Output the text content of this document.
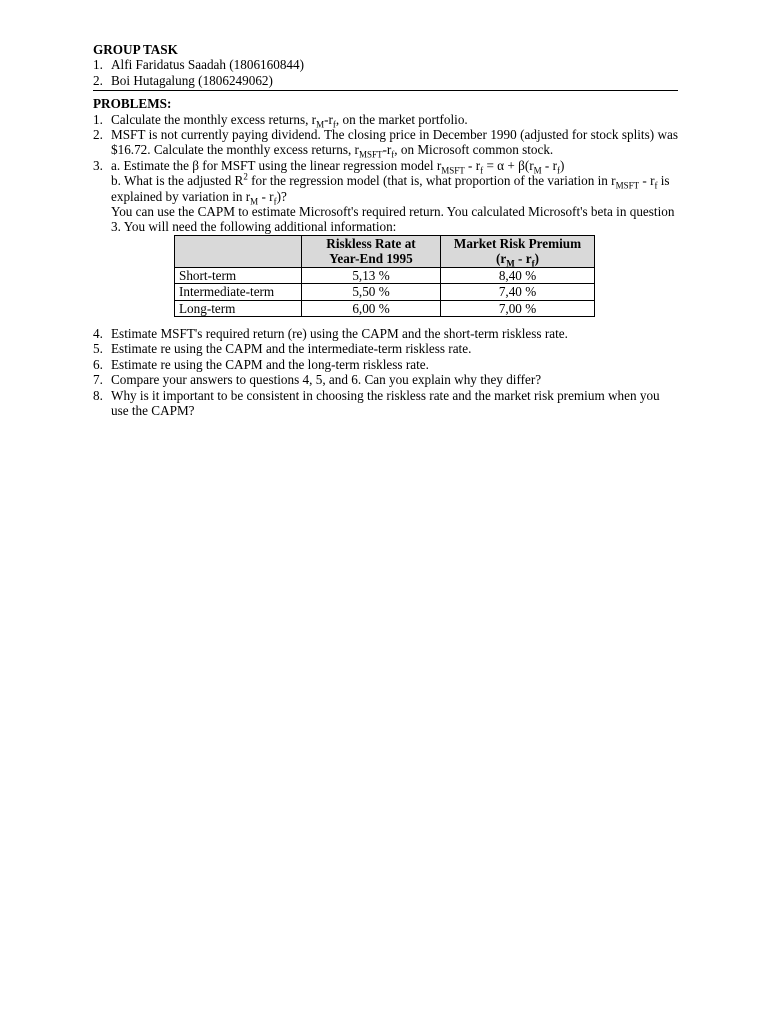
GROUP TASK
1. Alfi Faridatus Saadah (1806160844)
2. Boi Hutagalung (1806249062)
PROBLEMS:
1. Calculate the monthly excess returns, $r_M-r_f$, on the market portfolio.
2. MSFT is not currently paying dividend. The closing price in December 1990 (adjusted for stock splits) was $16.72. Calculate the monthly excess returns, $r_{MSFT}-r_f$, on Microsoft common stock.
3. a. Estimate the β for MSFT using the linear regression model $r_{MSFT} - r_f = \alpha + \beta(r_M - r_f)$
b. What is the adjusted $R^2$ for the regression model (that is, what proportion of the variation in $r_{MSFT} - r_f$ is explained by variation in $r_M - r_f$)?
You can use the CAPM to estimate Microsoft's required return. You calculated Microsoft's beta in question 3. You will need the following additional information:
	Riskless Rate at
Year-End 1995	Market Risk Premium
$(r_M - r_f)$
Short-term	5,13 %	8,40 %
Intermediate-term	5,50 %	7,40 %
Long-term	6,00 %	7,00 %
4. Estimate MSFT's required return (re) using the CAPM and the short-term riskless rate.
5. Estimate re using the CAPM and the intermediate-term riskless rate.
6. Estimate re using the CAPM and the long-term riskless rate.
7. Compare your answers to questions 4, 5, and 6. Can you explain why they differ?
8. Why is it important to be consistent in choosing the riskless rate and the market risk premium when you use the CAPM?
